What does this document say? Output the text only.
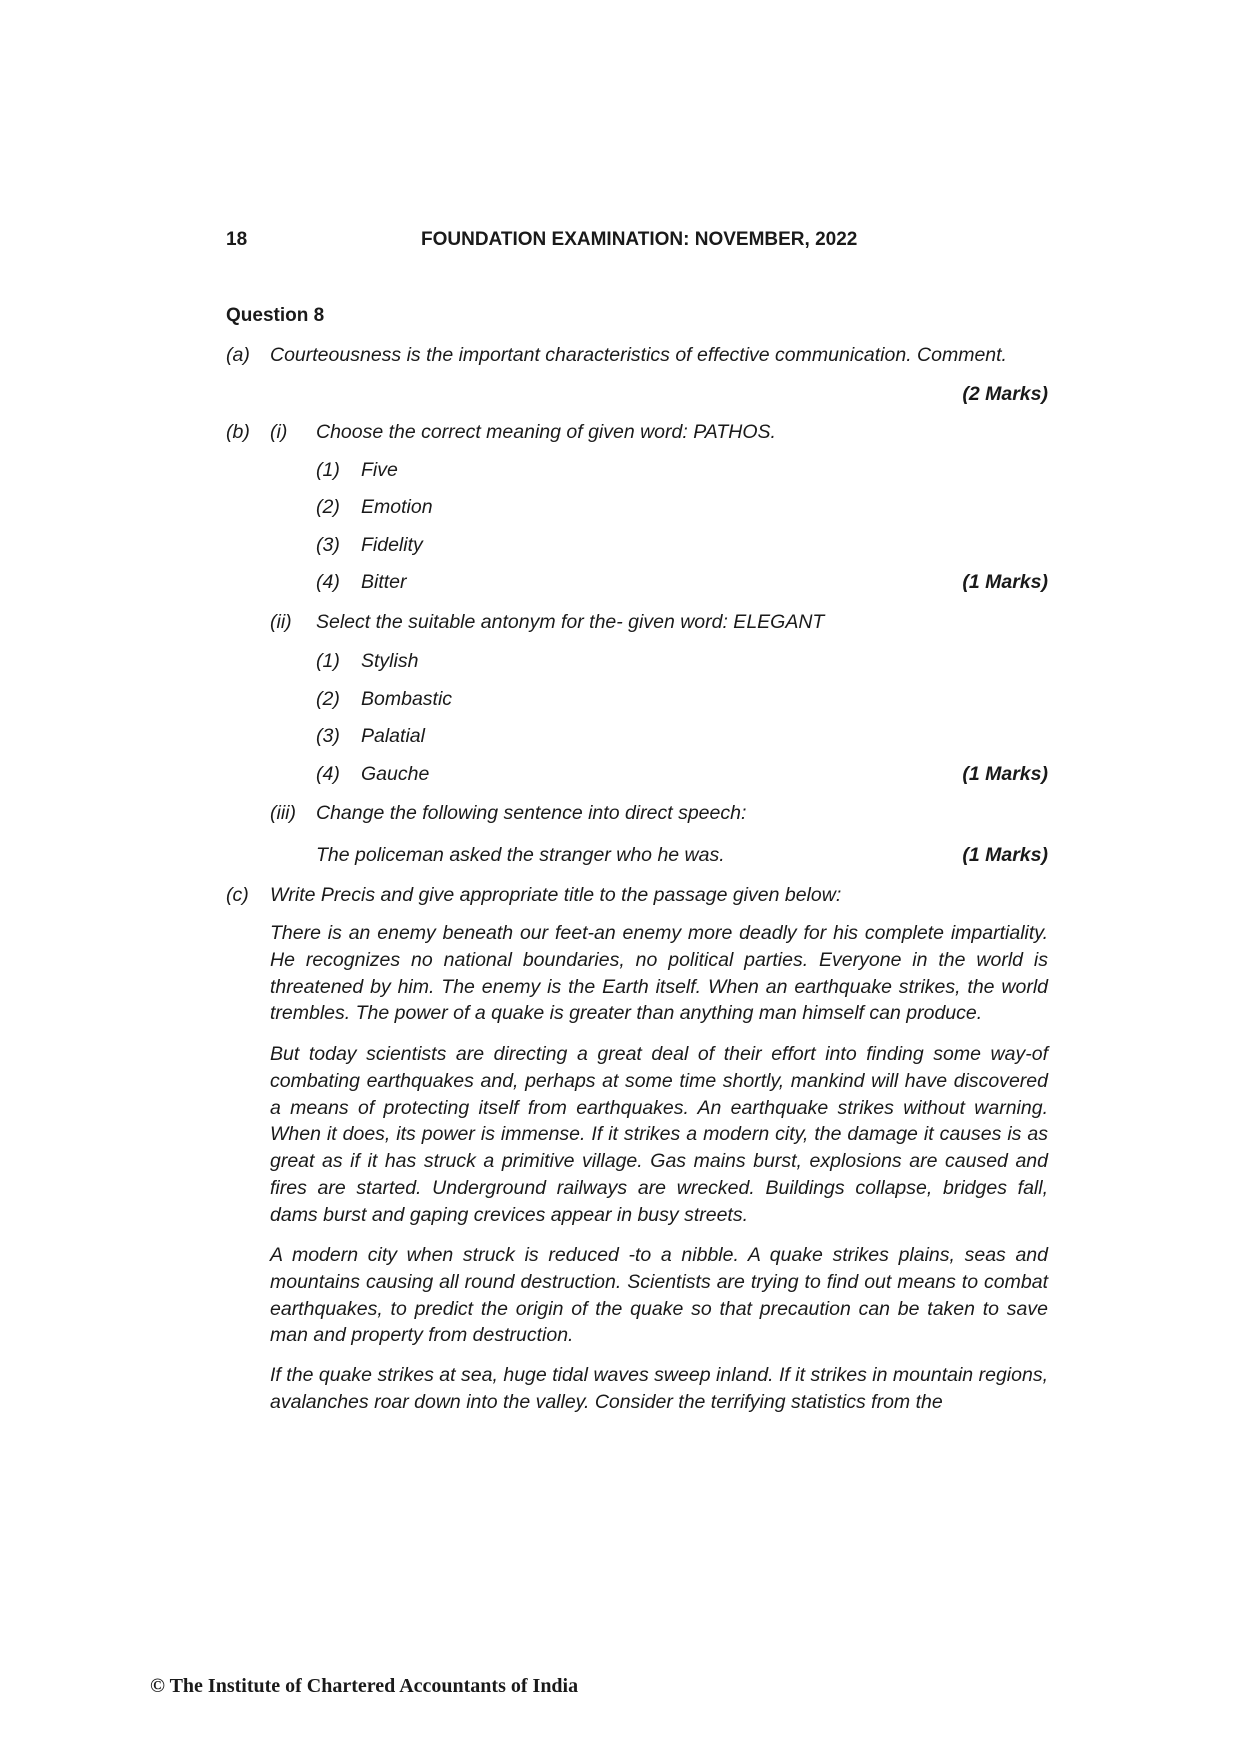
18	FOUNDATION EXAMINATION: NOVEMBER, 2022
Question 8
(a) Courteousness is the important characteristics of effective communication. Comment.
(2 Marks)
(b) (i) Choose the correct meaning of given word: PATHOS.
(1) Five
(2) Emotion
(3) Fidelity
(4) Bitter	(1 Marks)
(ii) Select the suitable antonym for the- given word: ELEGANT
(1) Stylish
(2) Bombastic
(3) Palatial
(4) Gauche	(1 Marks)
(iii) Change the following sentence into direct speech:
The policeman asked the stranger who he was.	(1 Marks)
(c) Write Precis and give appropriate title to the passage given below:

There is an enemy beneath our feet-an enemy more deadly for his complete impartiality. He recognizes no national boundaries, no political parties. Everyone in the world is threatened by him. The enemy is the Earth itself. When an earthquake strikes, the world trembles. The power of a quake is greater than anything man himself can produce.

But today scientists are directing a great deal of their effort into finding some way-of combating earthquakes and, perhaps at some time shortly, mankind will have discovered a means of protecting itself from earthquakes. An earthquake strikes without warning. When it does, its power is immense. If it strikes a modern city, the damage it causes is as great as if it has struck a primitive village. Gas mains burst, explosions are caused and fires are started. Underground railways are wrecked. Buildings collapse, bridges fall, dams burst and gaping crevices appear in busy streets.

A modern city when struck is reduced -to a nibble. A quake strikes plains, seas and mountains causing all round destruction. Scientists are trying to find out means to combat earthquakes, to predict the origin of the quake so that precaution can be taken to save man and property from destruction.

If the quake strikes at sea, huge tidal waves sweep inland. If it strikes in mountain regions, avalanches roar down into the valley. Consider the terrifying statistics from the

© The Institute of Chartered Accountants of India
